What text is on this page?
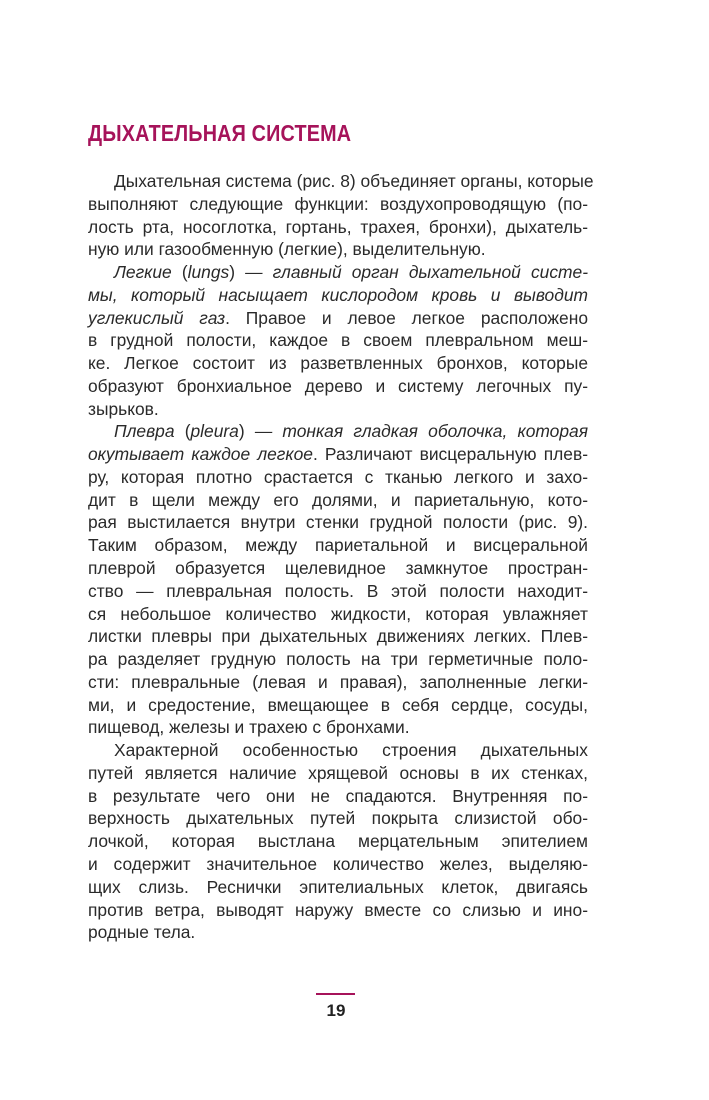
ДЫХАТЕЛЬНАЯ СИСТЕМА
Дыхательная система (рис. 8) объединяет органы, которые
выполняют следующие функции: воздухопроводящую (по-
лость рта, носоглотка, гортань, трахея, бронхи), дыхатель-
ную или газообменную (легкие), выделительную.
Легкие (lungs) — главный орган дыхательной систе-
мы, который насыщает кислородом кровь и выводит
углекислый газ. Правое и левое легкое расположено
в грудной полости, каждое в своем плевральном меш-
ке. Легкое состоит из разветвленных бронхов, которые
образуют бронхиальное дерево и систему легочных пу-
зырьков.
Плевра (pleura) — тонкая гладкая оболочка, которая
окутывает каждое легкое. Различают висцеральную плев-
ру, которая плотно срастается с тканью легкого и захо-
дит в щели между его долями, и париетальную, кото-
рая выстилается внутри стенки грудной полости (рис. 9).
Таким образом, между париетальной и висцеральной
плеврой образуется щелевидное замкнутое простран-
ство — плевральная полость. В этой полости находит-
ся небольшое количество жидкости, которая увлажняет
листки плевры при дыхательных движениях легких. Плев-
ра разделяет грудную полость на три герметичные поло-
сти: плевральные (левая и правая), заполненные легки-
ми, и средостение, вмещающее в себя сердце, сосуды,
пищевод, железы и трахею с бронхами.
Характерной особенностью строения дыхательных
путей является наличие хрящевой основы в их стенках,
в результате чего они не спадаются. Внутренняя по-
верхность дыхательных путей покрыта слизистой обо-
лочкой, которая выстлана мерцательным эпителием
и содержит значительное количество желез, выделяю-
щих слизь. Реснички эпителиальных клеток, двигаясь
против ветра, выводят наружу вместе со слизью и ино-
родные тела.
19
